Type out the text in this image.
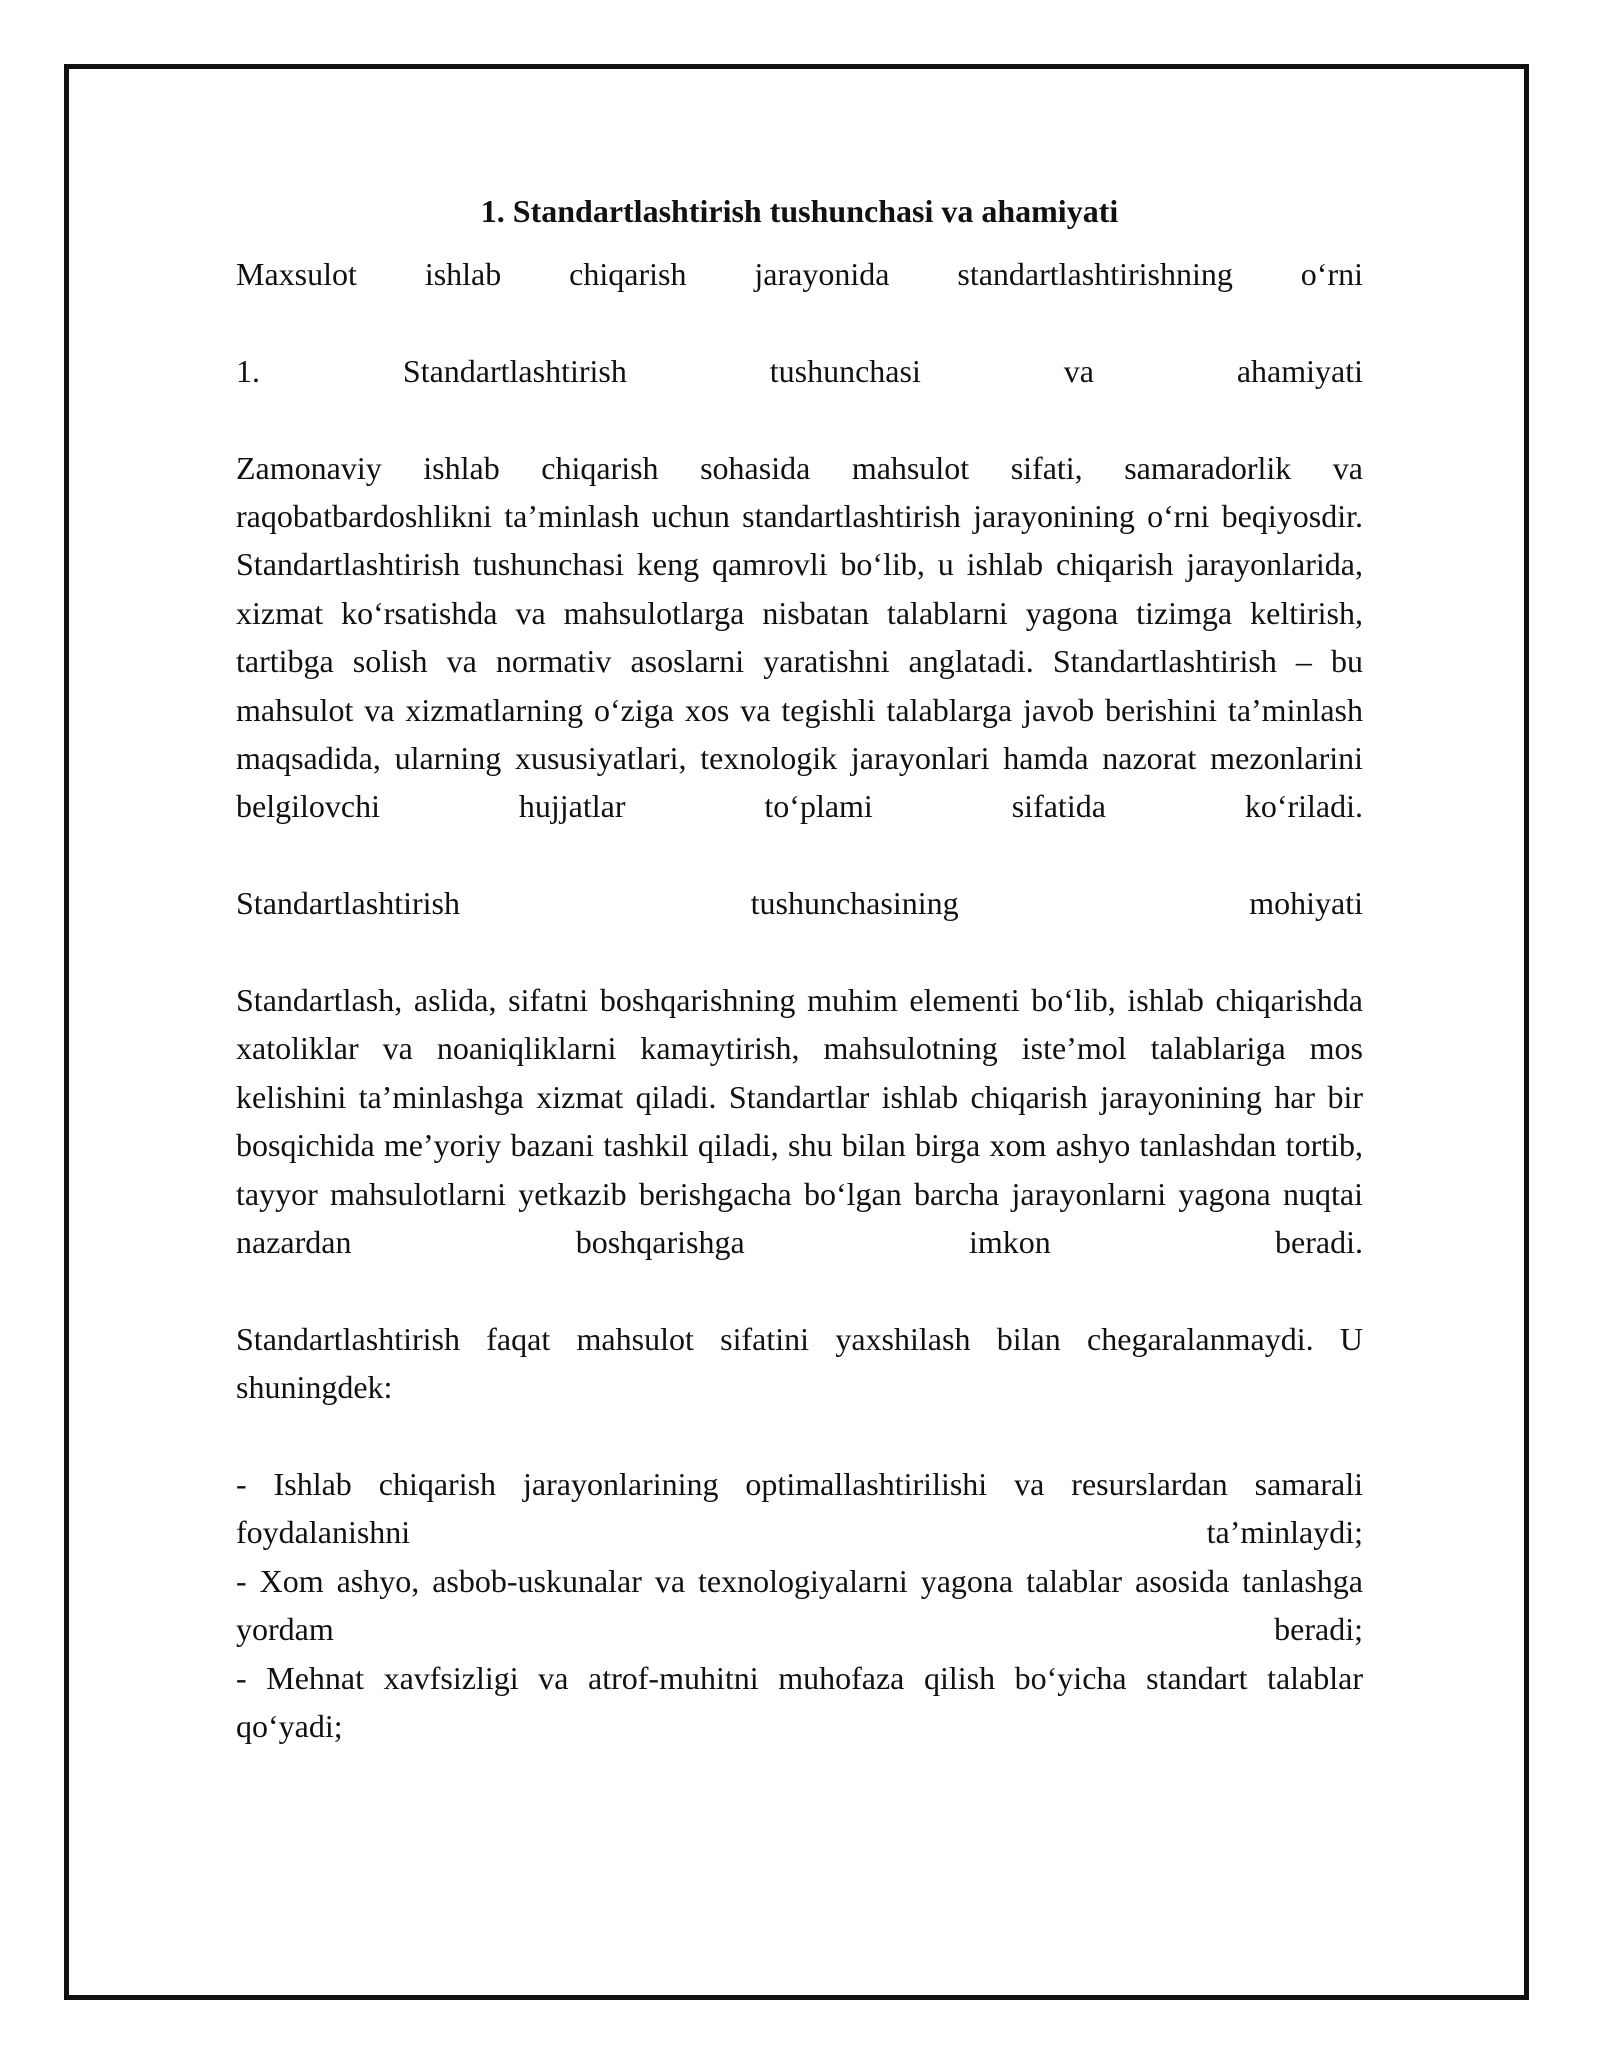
1. Standartlashtirish tushunchasi va ahamiyati

Maxsulot ishlab chiqarish jarayonida standartlashtirishning o‘rni

1. Standartlashtirish tushunchasi va ahamiyati

Zamonaviy ishlab chiqarish sohasida mahsulot sifati, samaradorlik va raqobatbardoshlikni ta’minlash uchun standartlashtirish jarayonining o‘rni beqiyosdir. Standartlashtirish tushunchasi keng qamrovli bo‘lib, u ishlab chiqarish jarayonlarida, xizmat ko‘rsatishda va mahsulotlarga nisbatan talablarni yagona tizimga keltirish, tartibga solish va normativ asoslarni yaratishni anglatadi. Standartlashtirish – bu mahsulot va xizmatlarning o‘ziga xos va tegishli talablarga javob berishini ta’minlash maqsadida, ularning xususiyatlari, texnologik jarayonlari hamda nazorat mezonlarini belgilovchi hujjatlar to‘plami sifatida ko‘riladi.

Standartlashtirish tushunchasining mohiyati

Standartlash, aslida, sifatni boshqarishning muhim elementi bo‘lib, ishlab chiqarishda xatoliklar va noaniqliklarni kamaytirish, mahsulotning iste’mol talablariga mos kelishini ta’minlashga xizmat qiladi. Standartlar ishlab chiqarish jarayonining har bir bosqichida me’yoriy bazani tashkil qiladi, shu bilan birga xom ashyo tanlashdan tortib, tayyor mahsulotlarni yetkazib berishgacha bo‘lgan barcha jarayonlarni yagona nuqtai nazardan boshqarishga imkon beradi.

Standartlashtirish faqat mahsulot sifatini yaxshilash bilan chegaralanmaydi. U shuningdek:

- Ishlab chiqarish jarayonlarining optimallashtirilishi va resurslardan samarali foydalanishni ta’minlaydi;

- Xom ashyo, asbob-uskunalar va texnologiyalarni yagona talablar asosida tanlashga yordam beradi;

- Mehnat xavfsizligi va atrof-muhitni muhofaza qilish bo‘yicha standart talablar qo‘yadi;
